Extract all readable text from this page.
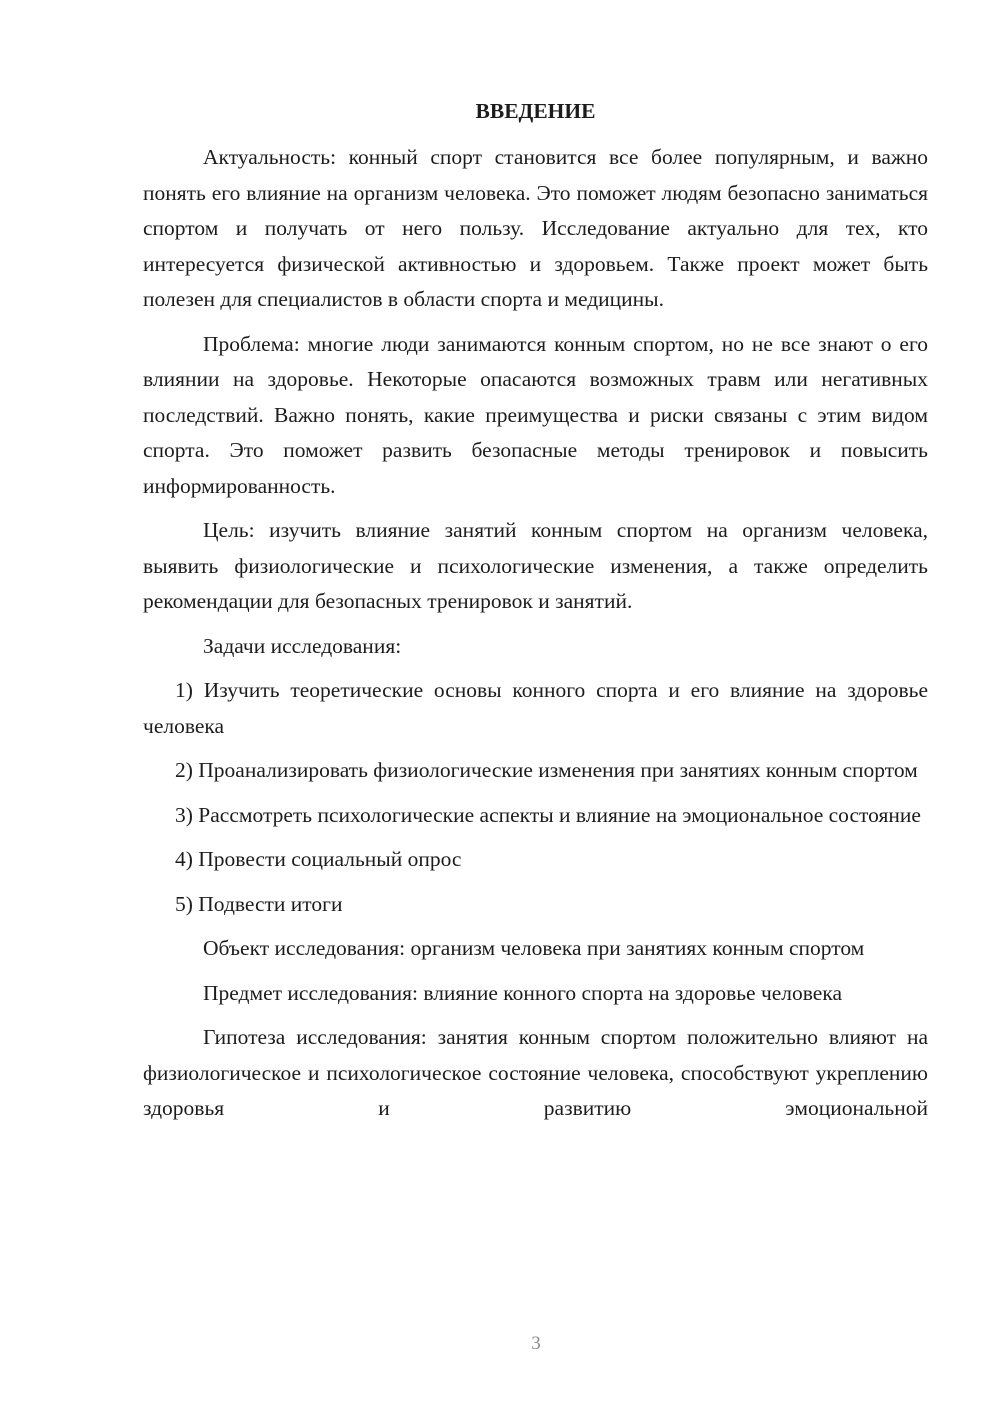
ВВЕДЕНИЕ

Актуальность: конный спорт становится все более популярным, и важно понять его влияние на организм человека. Это поможет людям безопасно заниматься спортом и получать от него пользу. Исследование актуально для тех, кто интересуется физической активностью и здоровьем. Также проект может быть полезен для специалистов в области спорта и медицины.

Проблема: многие люди занимаются конным спортом, но не все знают о его влиянии на здоровье. Некоторые опасаются возможных травм или негативных последствий. Важно понять, какие преимущества и риски связаны с этим видом спорта. Это поможет развить безопасные методы тренировок и повысить информированность.

Цель: изучить влияние занятий конным спортом на организм человека, выявить физиологические и психологические изменения, а также определить рекомендации для безопасных тренировок и занятий.

Задачи исследования:

1) Изучить теоретические основы конного спорта и его влияние на здоровье человека

2) Проанализировать физиологические изменения при занятиях конным спортом

3) Рассмотреть психологические аспекты и влияние на эмоциональное состояние

4) Провести социальный опрос

5) Подвести итоги

Объект исследования: организм человека при занятиях конным спортом

Предмет исследования: влияние конного спорта на здоровье человека

Гипотеза исследования: занятия конным спортом положительно влияют на физиологическое и психологическое состояние человека, способствуют укреплению здоровья и развитию эмоциональной

3
